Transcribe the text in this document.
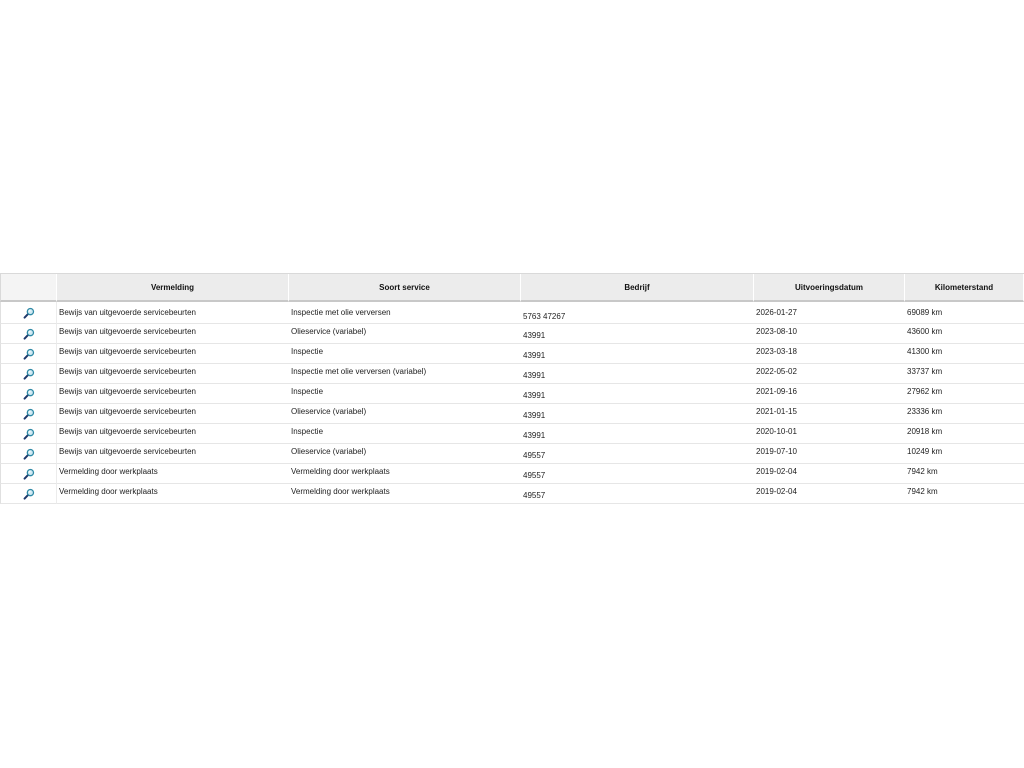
	Vermelding	Soort service	Bedrijf	Uitvoeringsdatum	Kilometerstand
	Bewijs van uitgevoerde servicebeurten	Inspectie met olie verversen	5763 47267	2026-01-27	69089 km
	Bewijs van uitgevoerde servicebeurten	Olieservice (variabel)	43991	2023-08-10	43600 km
	Bewijs van uitgevoerde servicebeurten	Inspectie	43991	2023-03-18	41300 km
	Bewijs van uitgevoerde servicebeurten	Inspectie met olie verversen (variabel)	43991	2022-05-02	33737 km
	Bewijs van uitgevoerde servicebeurten	Inspectie	43991	2021-09-16	27962 km
	Bewijs van uitgevoerde servicebeurten	Olieservice (variabel)	43991	2021-01-15	23336 km
	Bewijs van uitgevoerde servicebeurten	Inspectie	43991	2020-10-01	20918 km
	Bewijs van uitgevoerde servicebeurten	Olieservice (variabel)	49557	2019-07-10	10249 km
	Vermelding door werkplaats	Vermelding door werkplaats	49557	2019-02-04	7942 km
	Vermelding door werkplaats	Vermelding door werkplaats	49557	2019-02-04	7942 km
